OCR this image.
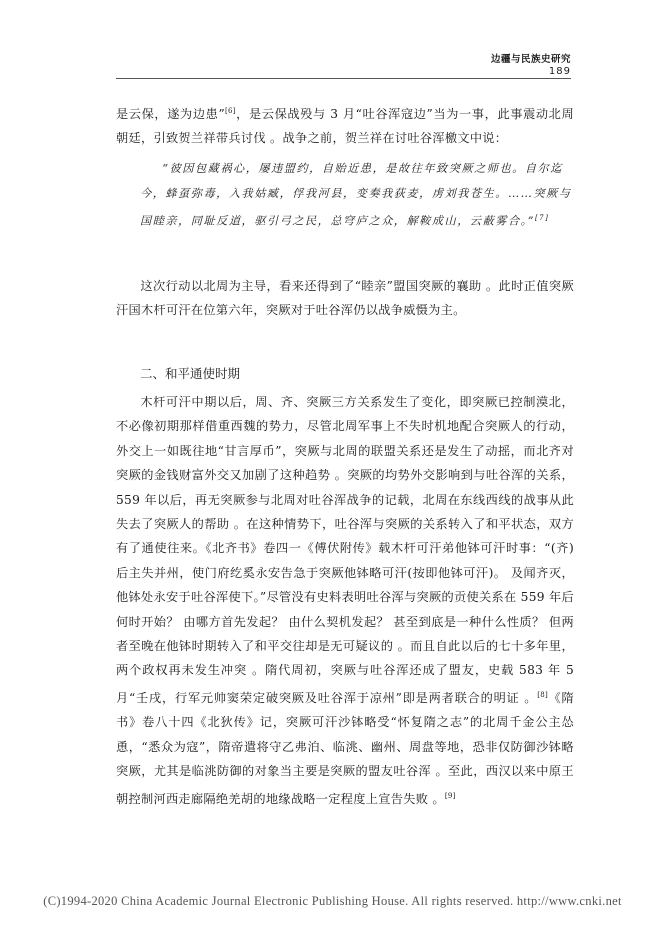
边疆与民族史研究
189

是云保，遂为边患”[6]，是云保战殁与 3 月“吐谷浑寇边”当为一事，此事震动北周朝廷，引致贺兰祥带兵讨伐 。战争之前，贺兰祥在讨吐谷浑檄文中说：

“彼因包藏祸心，屡违盟约，自贻近患，是故往年致突厥之师也。自尔迄今，蜂虿弥毒，入我姑臧，俘我河县，变奏我荻麦，虏刘我苍生。……突厥与国睦亲，同耻反道，驱引弓之民，总穹庐之众，解鞍成山，云蔽雾合。”[7]

这次行动以北周为主导，看来还得到了“睦亲”盟国突厥的襄助 。此时正值突厥汗国木杆可汗在位第六年，突厥对于吐谷浑仍以战争威慑为主。

二、和平通使时期

木杆可汗中期以后，周、齐、突厥三方关系发生了变化，即突厥已控制漠北，不必像初期那样借重西魏的势力，尽管北周军事上不失时机地配合突厥人的行动，外交上一如既往地“甘言厚币”，突厥与北周的联盟关系还是发生了动摇，而北齐对突厥的金钱财富外交又加剧了这种趋势 。突厥的均势外交影响到与吐谷浑的关系，559 年以后，再无突厥参与北周对吐谷浑战争的记载，北周在东线西线的战事从此失去了突厥人的帮助 。在这种情势下，吐谷浑与突厥的关系转入了和平状态，双方有了通使往来。《北齐书》卷四一《傅伏附传》载木杆可汗弟他钵可汗时事：“(齐)后主失并州，使门府纥奚永安告急于突厥他钵略可汗(按即他钵可汗)。 及闻齐灭，他钵处永安于吐谷浑使下。”尽管没有史料表明吐谷浑与突厥的贡使关系在 559 年后何时开始？ 由哪方首先发起？ 由什么契机发起？ 甚至到底是一种什么性质？ 但两者至晚在他钵时期转入了和平交往却是无可疑议的 。而且自此以后的七十多年里，两个政权再未发生冲突 。隋代周初，突厥与吐谷浑还成了盟友，史载 583 年 5 月“壬戌，行军元帅窦荣定破突厥及吐谷浑于凉州”即是两者联合的明证 。[8]《隋书》卷八十四《北狄传》记，突厥可汗沙钵略受“怀复隋之志”的北周千金公主怂恿，“悉众为寇”，隋帝遣将守乙弗泊、临洮、幽州、周盘等地，恐非仅防御沙钵略突厥，尤其是临洮防御的对象当主要是突厥的盟友吐谷浑 。至此，西汉以来中原王朝控制河西走廊隔绝羌胡的地缘战略一定程度上宣告失败 。[9]

(C)1994-2020 China Academic Journal Electronic Publishing House. All rights reserved. http://www.cnki.net
